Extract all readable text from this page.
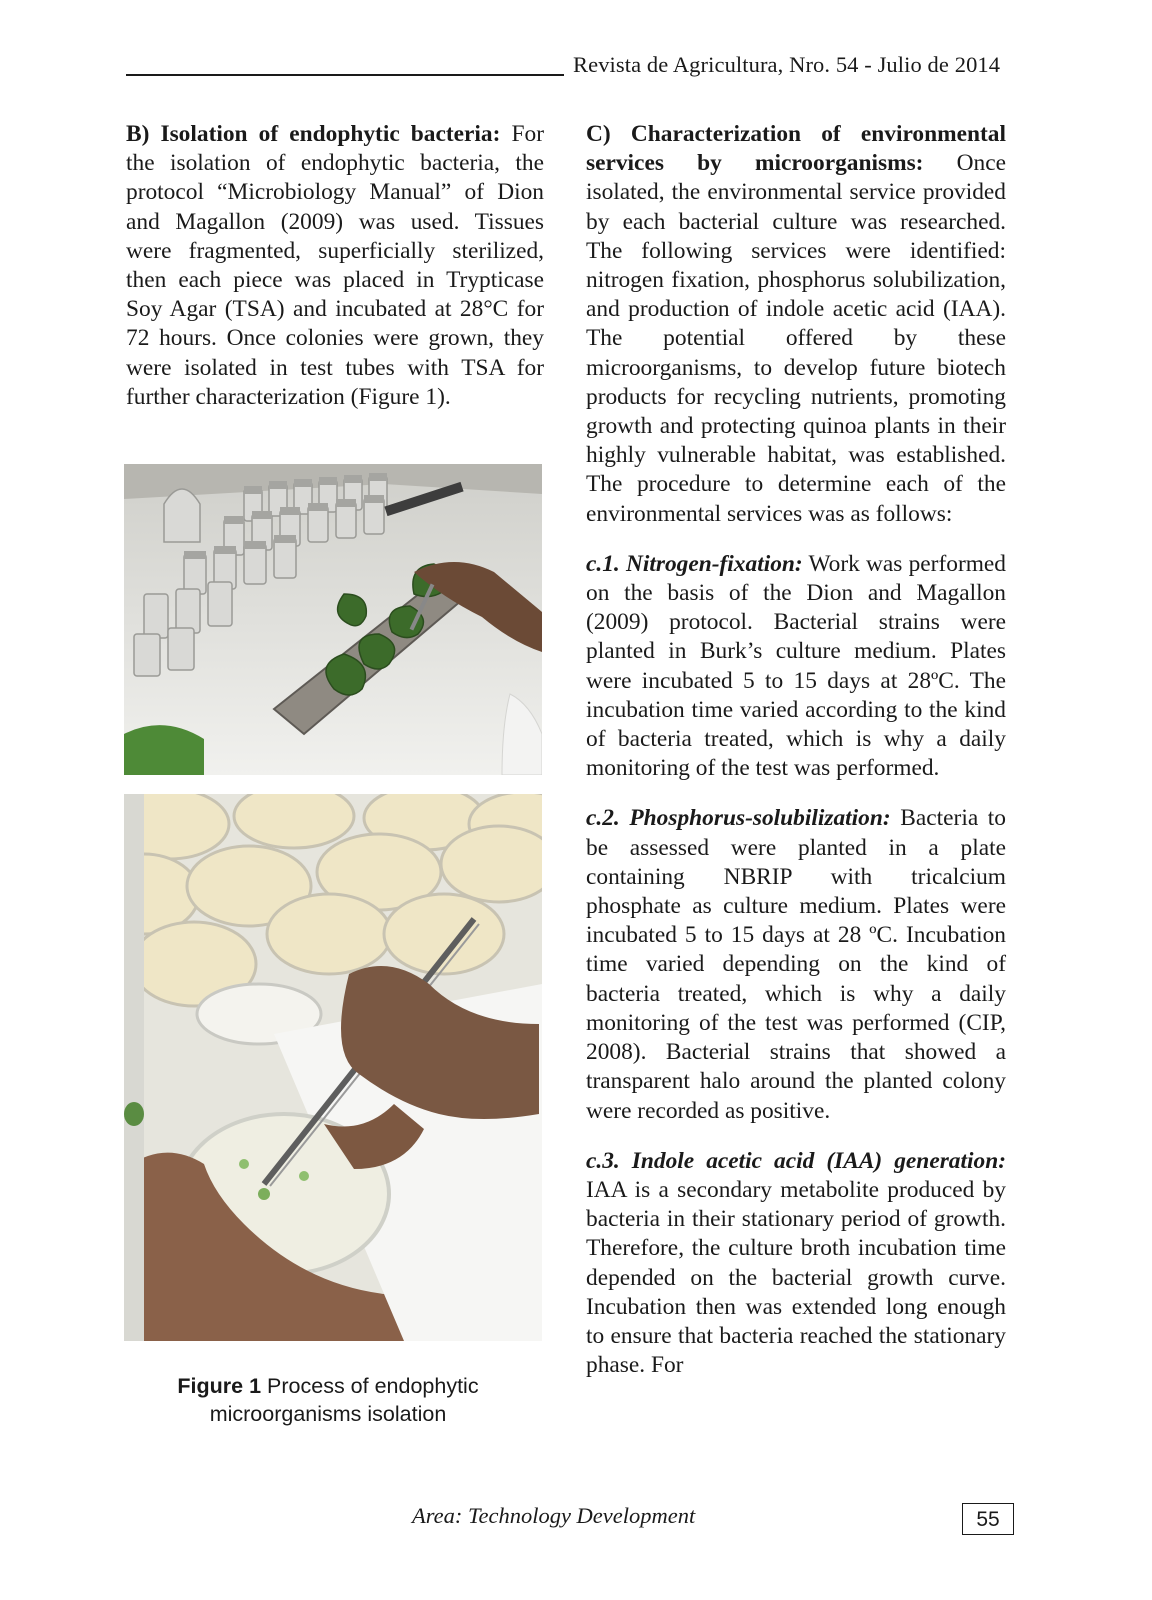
Revista de Agricultura, Nro. 54 - Julio de 2014

B) Isolation of endophytic bacteria: For the isolation of endophytic bacteria, the protocol “Microbiology Manual” of Dion and Magallon (2009) was used. Tissues were fragmented, superficially sterilized, then each piece was placed in Trypticase Soy Agar (TSA) and incubated at 28°C for 72 hours. Once colonies were grown, they were isolated in test tubes with TSA for further characterization (Figure 1).

Figure 1 Process of endophytic microorganisms isolation

C) Characterization of environmental services by microorganisms: Once isolated, the environmental service provided by each bacterial culture was researched. The following services were identified: nitrogen fixation, phosphorus solubilization, and production of indole acetic acid (IAA). The potential offered by these microorganisms, to develop future biotech products for recycling nutrients, promoting growth and protecting quinoa plants in their highly vulnerable habitat, was established. The procedure to determine each of the environmental services was as follows:

c.1. Nitrogen-fixation: Work was performed on the basis of the Dion and Magallon (2009) protocol. Bacterial strains were planted in Burk’s culture medium. Plates were incubated 5 to 15 days at 28ºC. The incubation time varied according to the kind of bacteria treated, which is why a daily monitoring of the test was performed.

c.2. Phosphorus-solubilization: Bacteria to be assessed were planted in a plate containing NBRIP with tricalcium phosphate as culture medium. Plates were incubated 5 to 15 days at 28 ºC. Incubation time varied depending on the kind of bacteria treated, which is why a daily monitoring of the test was performed (CIP, 2008). Bacterial strains that showed a transparent halo around the planted colony were recorded as positive.

c.3. Indole acetic acid (IAA) generation: IAA is a secondary metabolite produced by bacteria in their stationary period of growth. Therefore, the culture broth incubation time depended on the bacterial growth curve. Incubation then was extended long enough to ensure that bacteria reached the stationary phase. For

Area: Technology Development	55
